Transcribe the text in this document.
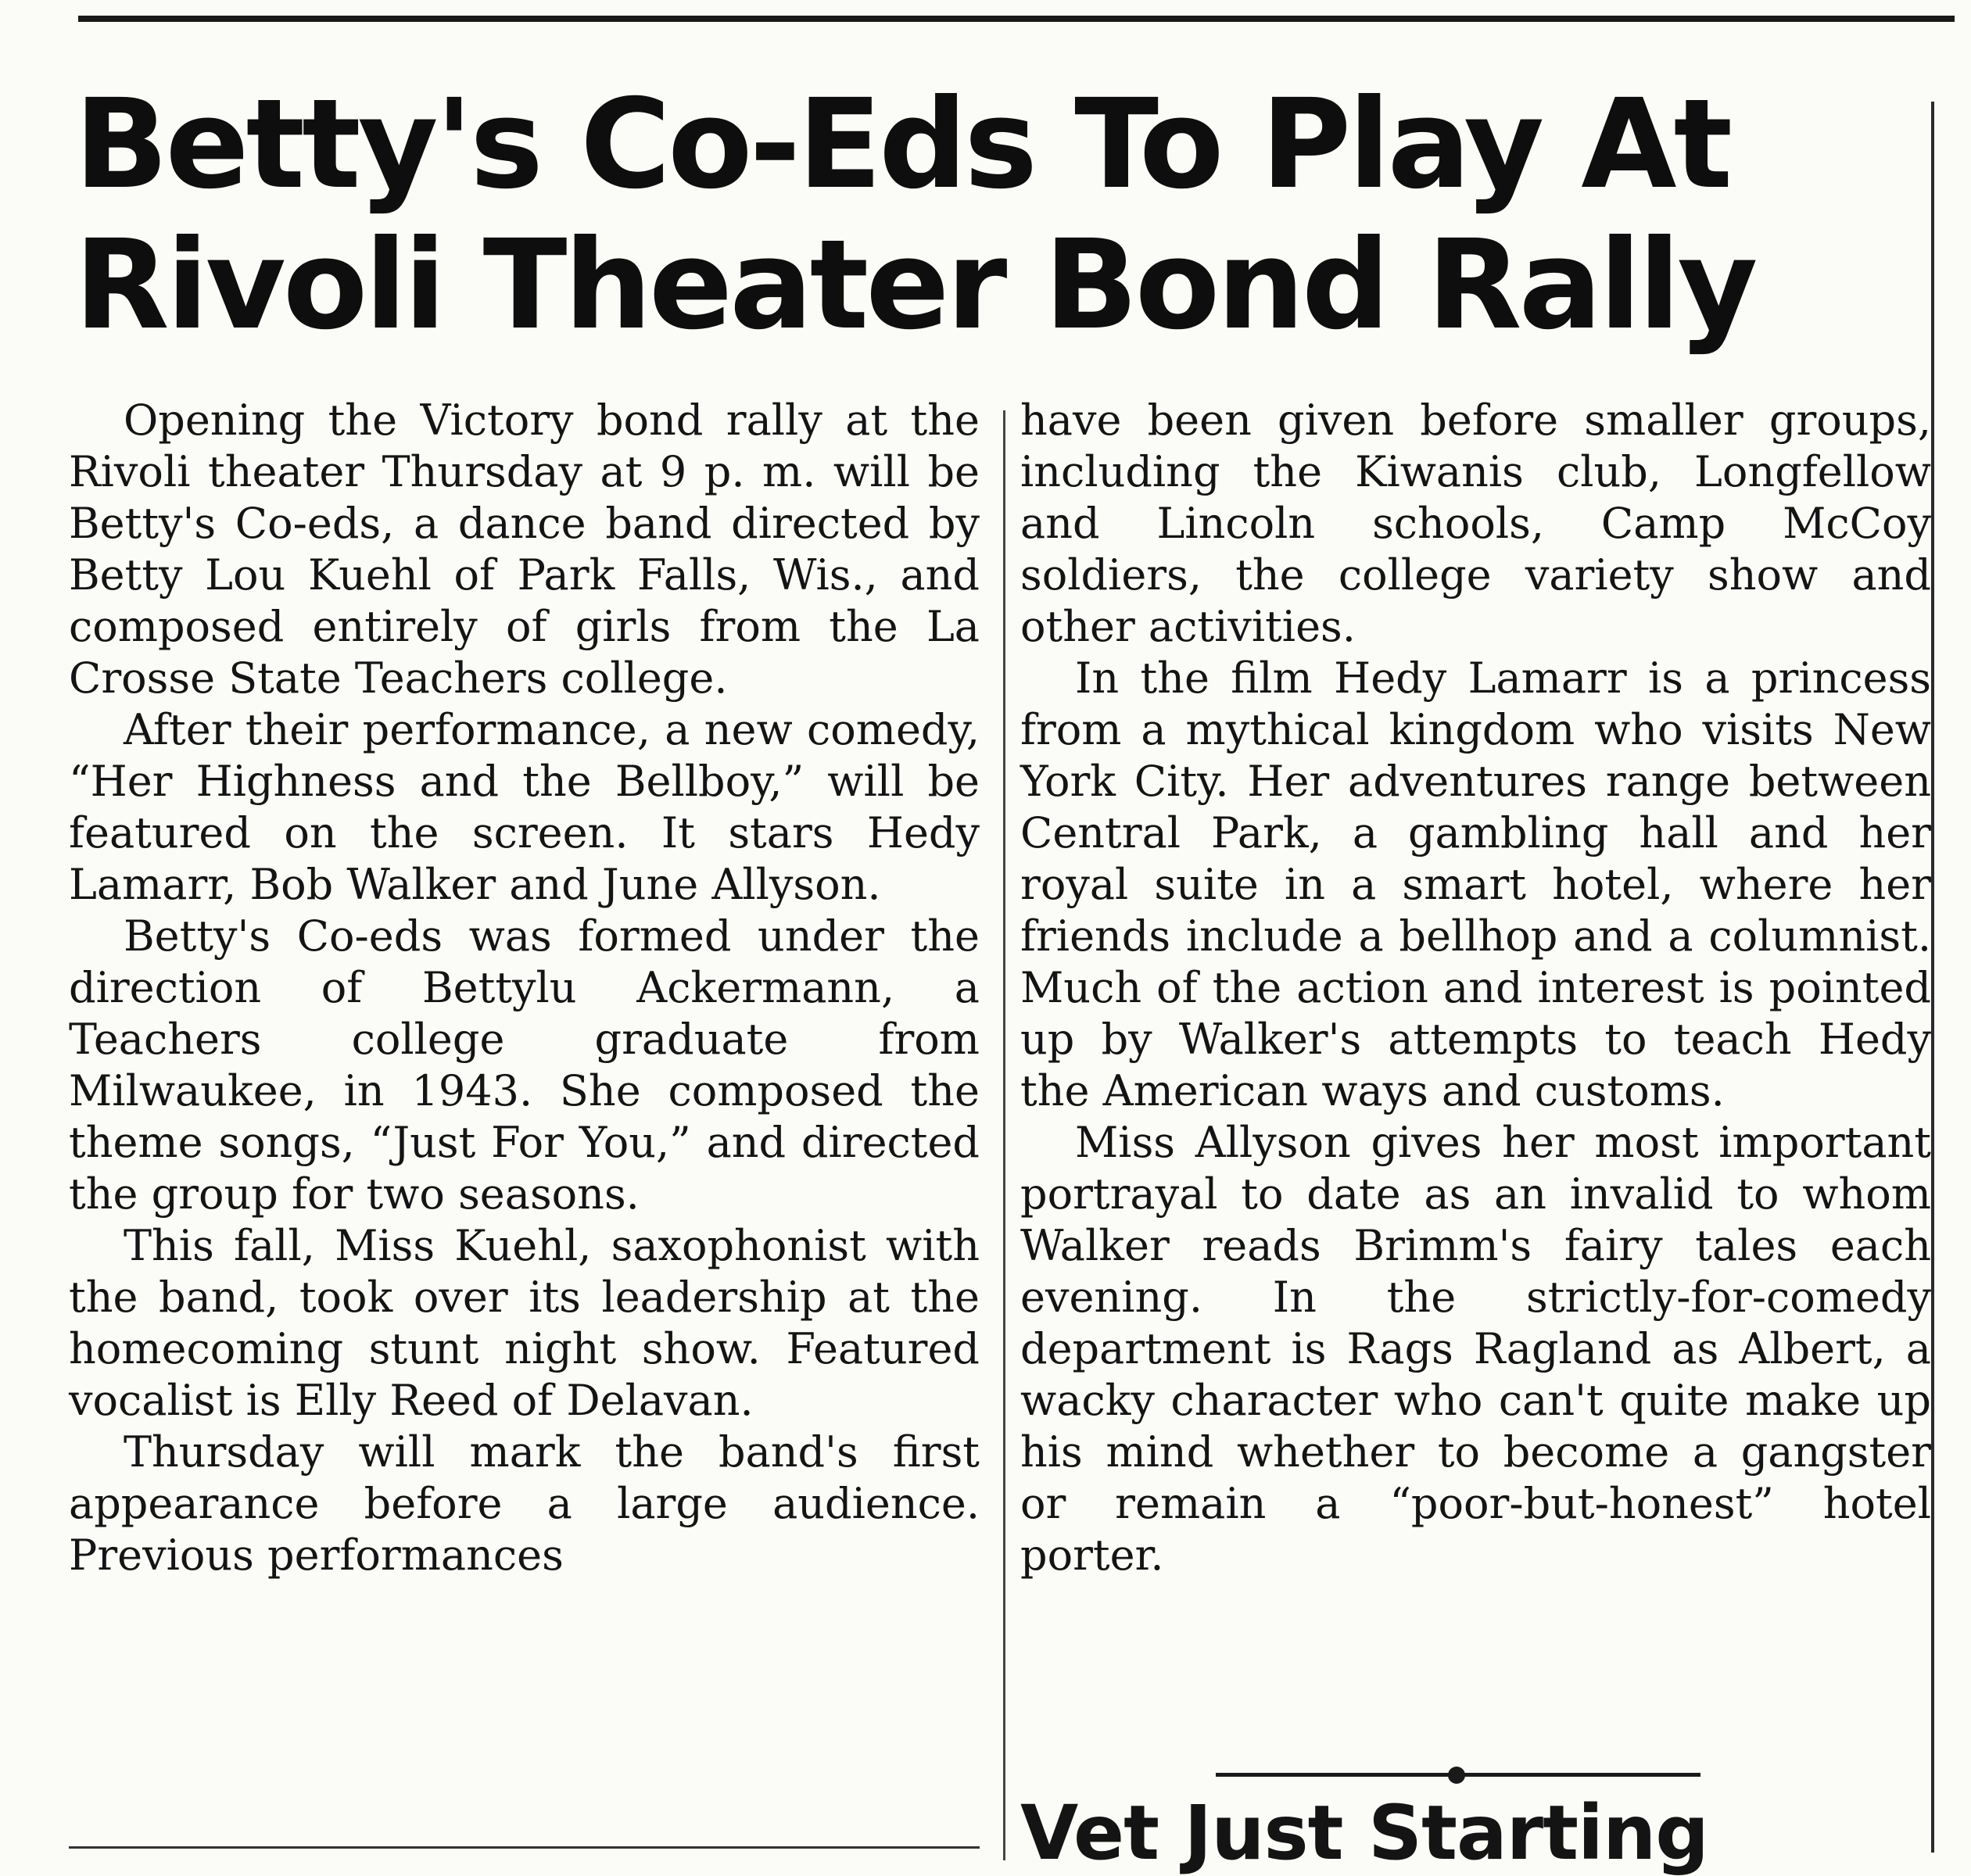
Betty's Co-Eds To Play At
Rivoli Theater Bond Rally

Opening the Victory bond rally at the Rivoli theater Thursday at 9 p. m. will be Betty's Co-eds, a dance band directed by Betty Lou Kuehl of Park Falls, Wis., and composed entirely of girls from the La Crosse State Teachers college.

After their performance, a new comedy, “Her Highness and the Bellboy,” will be featured on the screen. It stars Hedy Lamarr, Bob Walker and June Allyson.

Betty's Co-eds was formed under the direction of Bettylu Ackermann, a Teachers college graduate from Milwaukee, in 1943. She composed the theme songs, “Just For You,” and directed the group for two seasons.

This fall, Miss Kuehl, saxophonist with the band, took over its leadership at the homecoming stunt night show. Featured vocalist is Elly Reed of Delavan.

Thursday will mark the band's first appearance before a large audience. Previous performances

have been given before smaller groups, including the Kiwanis club, Longfellow and Lincoln schools, Camp McCoy soldiers, the college variety show and other activities.

In the film Hedy Lamarr is a princess from a mythical kingdom who visits New York City. Her adventures range between Central Park, a gambling hall and her royal suite in a smart hotel, where her friends include a bellhop and a columnist. Much of the action and interest is pointed up by Walker's attempts to teach Hedy the American ways and customs.

Miss Allyson gives her most important portrayal to date as an invalid to whom Walker reads Brimm's fairy tales each evening. In the strictly-for-comedy department is Rags Ragland as Albert, a wacky character who can't quite make up his mind whether to become a gangster or remain a “poor-but-honest” hotel porter.

Vet Just Starting
